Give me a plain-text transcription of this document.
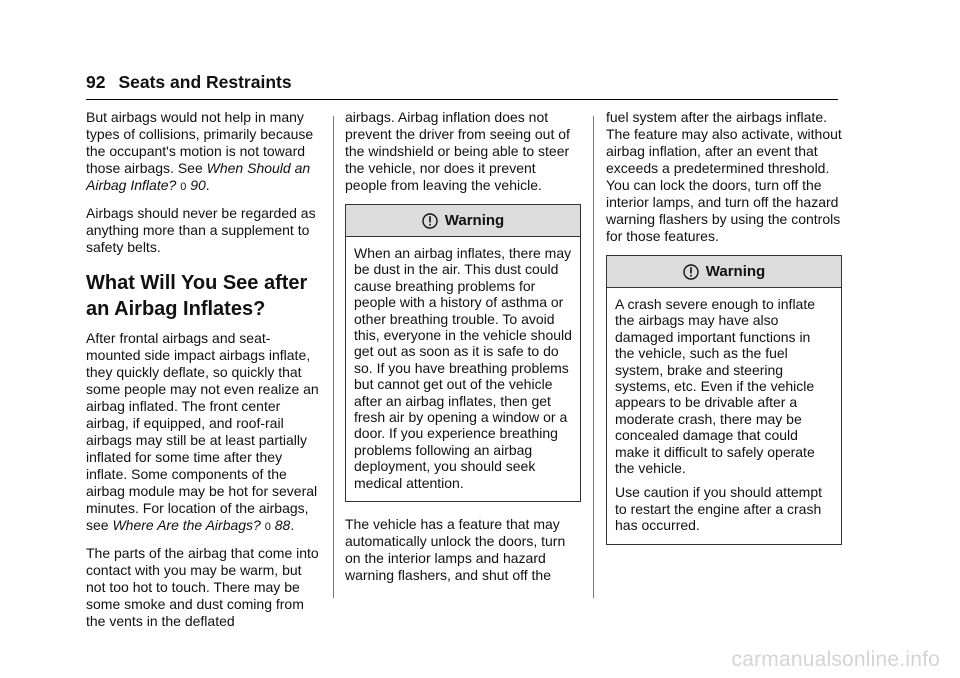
92 Seats and Restraints

But airbags would not help in many types of collisions, primarily because the occupant's motion is not toward those airbags. See When Should an Airbag Inflate? 0 90.

Airbags should never be regarded as anything more than a supplement to safety belts.

What Will You See after an Airbag Inflates?

After frontal airbags and seat-mounted side impact airbags inflate, they quickly deflate, so quickly that some people may not even realize an airbag inflated. The front center airbag, if equipped, and roof-rail airbags may still be at least partially inflated for some time after they inflate. Some components of the airbag module may be hot for several minutes. For location of the airbags, see Where Are the Airbags? 0 88.

The parts of the airbag that come into contact with you may be warm, but not too hot to touch. There may be some smoke and dust coming from the vents in the deflated

airbags. Airbag inflation does not prevent the driver from seeing out of the windshield or being able to steer the vehicle, nor does it prevent people from leaving the vehicle.

Warning

When an airbag inflates, there may be dust in the air. This dust could cause breathing problems for people with a history of asthma or other breathing trouble. To avoid this, everyone in the vehicle should get out as soon as it is safe to do so. If you have breathing problems but cannot get out of the vehicle after an airbag inflates, then get fresh air by opening a window or a door. If you experience breathing problems following an airbag deployment, you should seek medical attention.

The vehicle has a feature that may automatically unlock the doors, turn on the interior lamps and hazard warning flashers, and shut off the

fuel system after the airbags inflate. The feature may also activate, without airbag inflation, after an event that exceeds a predetermined threshold. You can lock the doors, turn off the interior lamps, and turn off the hazard warning flashers by using the controls for those features.

Warning

A crash severe enough to inflate the airbags may have also damaged important functions in the vehicle, such as the fuel system, brake and steering systems, etc. Even if the vehicle appears to be drivable after a moderate crash, there may be concealed damage that could make it difficult to safely operate the vehicle.

Use caution if you should attempt to restart the engine after a crash has occurred.

carmanualsonline.info
